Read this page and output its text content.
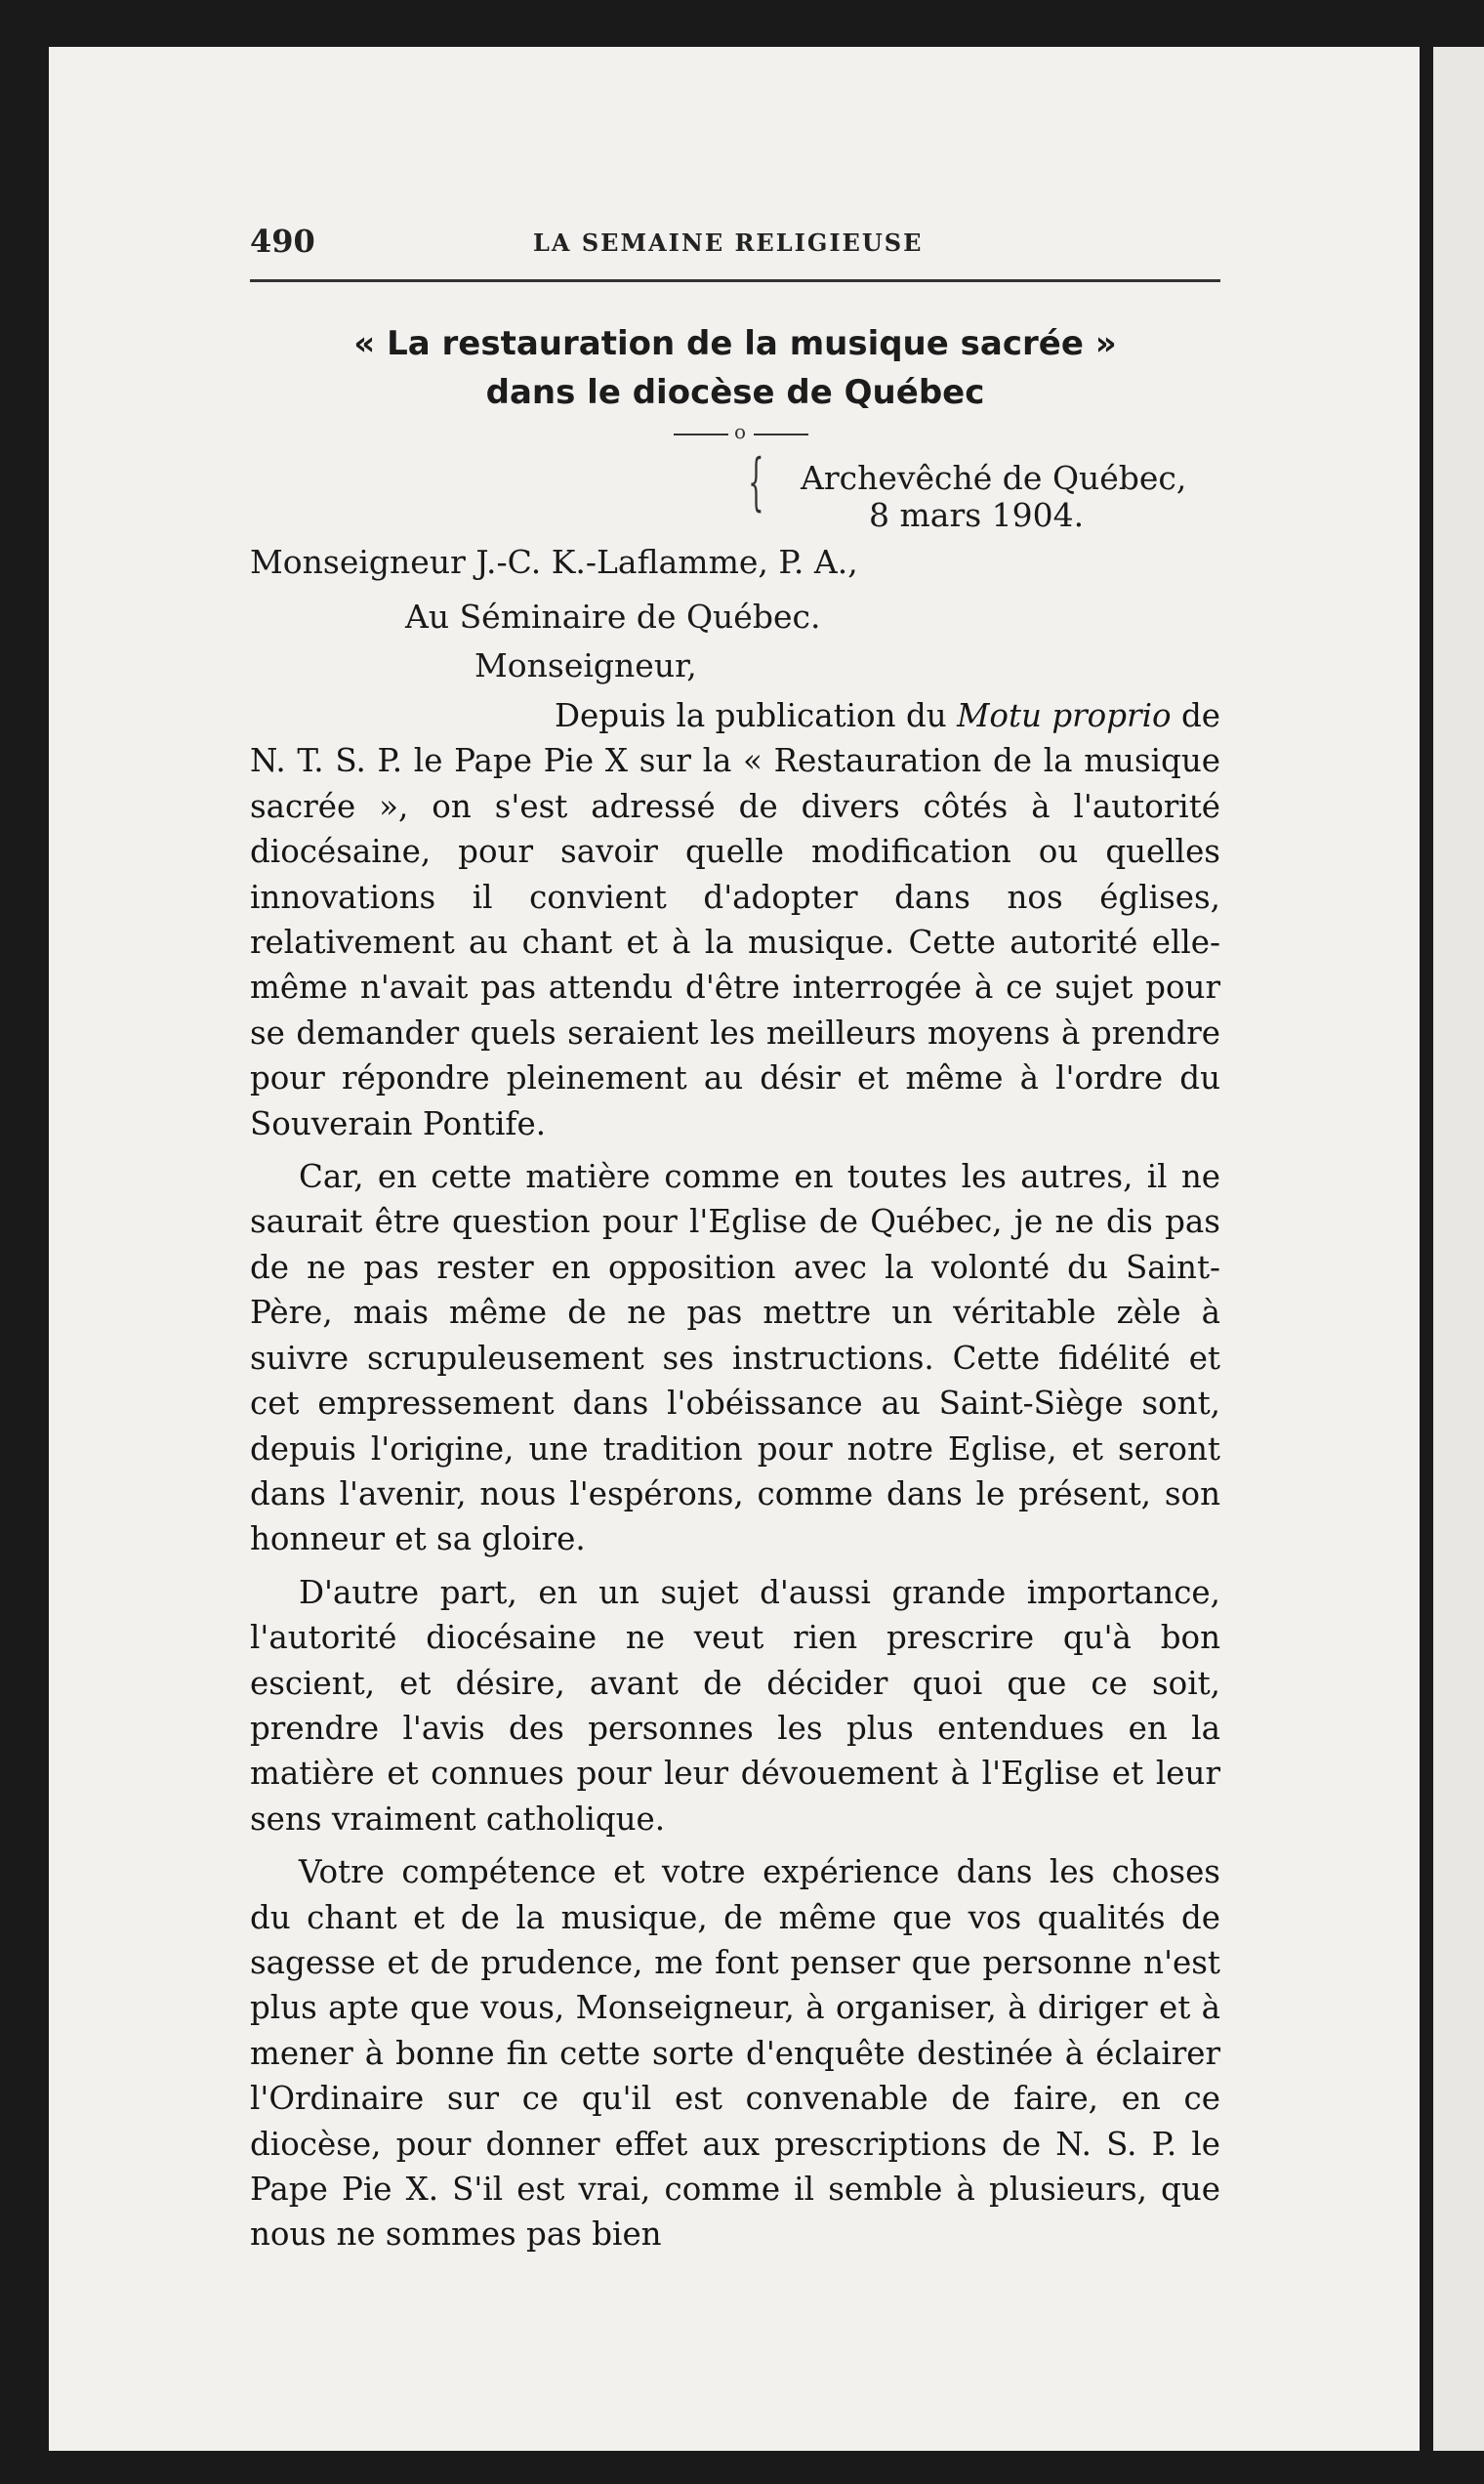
490	LA SEMAINE RELIGIEUSE
« La restauration de la musique sacrée »
dans le diocèse de Québec
o
{ Archevêché de Québec,
8 mars 1904.
Monseigneur J.-C. K.-Laflamme, P. A.,
Au Séminaire de Québec.
Monseigneur,

Depuis la publication du Motu proprio de N. T. S. P. le Pape Pie X sur la « Restauration de la musique sacrée », on s'est adressé de divers côtés à l'autorité diocésaine, pour savoir quelle modification ou quelles innovations il convient d'adopter dans nos églises, relativement au chant et à la musique. Cette autorité elle-même n'avait pas attendu d'être interrogée à ce sujet pour se demander quels seraient les meilleurs moyens à prendre pour répondre pleinement au désir et même à l'ordre du Souverain Pontife.

Car, en cette matière comme en toutes les autres, il ne saurait être question pour l'Eglise de Québec, je ne dis pas de ne pas rester en opposition avec la volonté du Saint-Père, mais même de ne pas mettre un véritable zèle à suivre scrupuleusement ses instructions. Cette fidélité et cet empressement dans l'obéissance au Saint-Siège sont, depuis l'origine, une tradition pour notre Eglise, et seront dans l'avenir, nous l'espérons, comme dans le présent, son honneur et sa gloire.

D'autre part, en un sujet d'aussi grande importance, l'autorité diocésaine ne veut rien prescrire qu'à bon escient, et désire, avant de décider quoi que ce soit, prendre l'avis des personnes les plus entendues en la matière et connues pour leur dévouement à l'Eglise et leur sens vraiment catholique.

Votre compétence et votre expérience dans les choses du chant et de la musique, de même que vos qualités de sagesse et de prudence, me font penser que personne n'est plus apte que vous, Monseigneur, à organiser, à diriger et à mener à bonne fin cette sorte d'enquête destinée à éclairer l'Ordinaire sur ce qu'il est convenable de faire, en ce diocèse, pour donner effet aux prescriptions de N. S. P. le Pape Pie X. S'il est vrai, comme il semble à plusieurs, que nous ne sommes pas bien
